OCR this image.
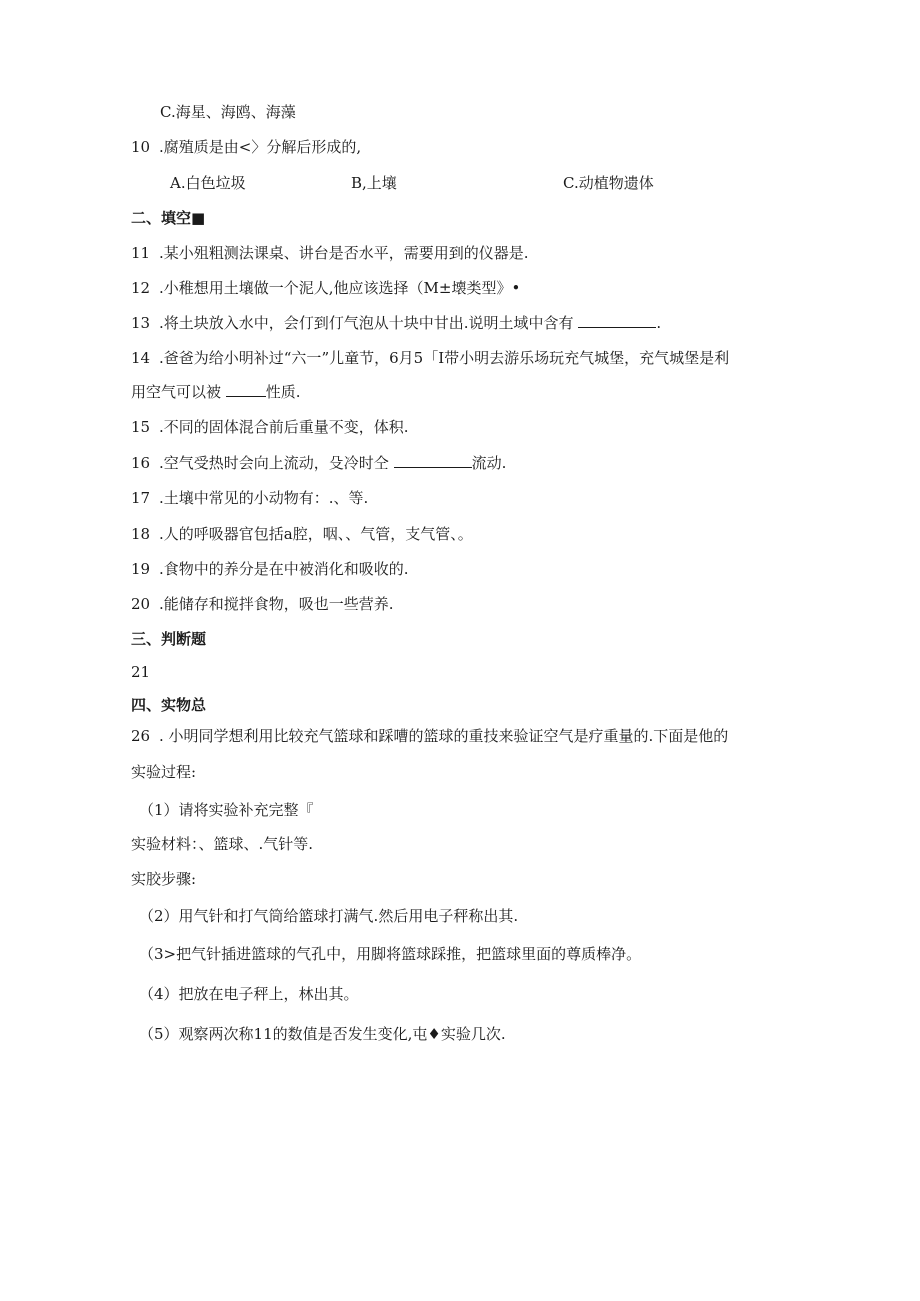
C.海星、海鸥、海藻
10 .腐殖质是由<〉分解后形成的,
A.白色垃圾	B,上壤	C.动植物遗体
二、填空■
11 .某小殂粗测法课桌、讲台是否水平，需要用到的仪器是.
12 .小稚想用土壤做一个泥人,他应该选择（M±壊类型》•
13 .将土块放入水中，会仃到仃气泡从十块中甘出.说明土域中含有	.
14 .爸爸为给小明补过“六一”儿童节，6月5「I带小明去游乐场玩充气城堡，充气城堡是利
用空气可以被	性质.
15 .不同的固体混合前后重量不变，体积.
16 .空气受热时会向上流动，殳冷时仝	流动.
17 .土壤中常见的小动物有：.、等.
18 .人的呼吸器官包括a腔，咽、、气管，支气管、。
19 .食物中的养分是在中被消化和吸收的.
20 .能储存和搅拌食物，吸也一些营养.
三、判断题
21
四、实物总
26 . 小明同学想利用比较充气篮球和踩嘈的篮球的重技来验证空气是疗重量的.下面是他的
实验过程:
（1）请将实验补充完整『
实验材料：、篮球、.气针等.
实胶步骤:
（2）用气针和打气筒给篮球打满气.然后用电子秤称出其.
（3>把气针插进篮球的气孔中，用脚将篮球踩推，把篮球里面的尊质棒净。
（4）把放在电子秤上，林出其。
（5）观察两次称11的数值是否发生变化,屯♦实验几次.
